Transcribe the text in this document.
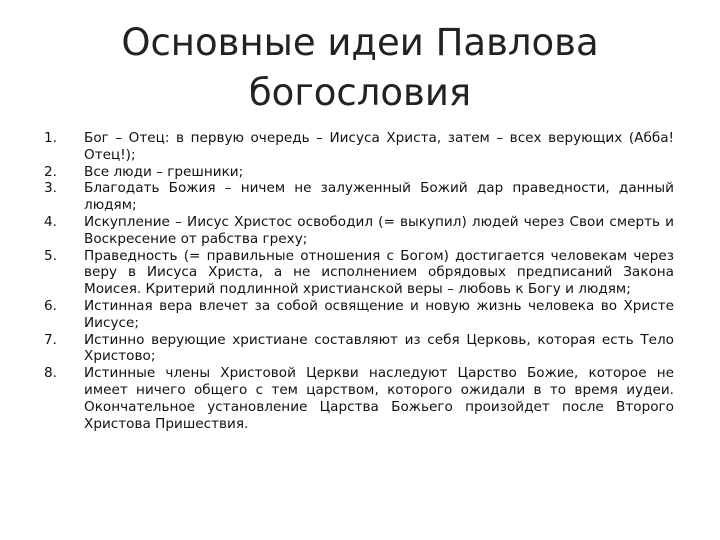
Основные идеи Павлова
богословия
1.	Бог – Отец: в первую очередь – Иисуса Христа, затем – всех верующих (Абба! Отец!);
2.	Все люди – грешники;
3.	Благодать Божия – ничем не залуженный Божий дар праведности, данный людям;
4.	Искупление – Иисус Христос освободил (= выкупил) людей через Свои смерть и Воскресение от рабства греху;
5.	Праведность (= правильные отношения с Богом) достигается человекам через веру в Иисуса Христа, а не исполнением обрядовых предписаний Закона Моисея. Критерий подлинной христианской веры – любовь к Богу и людям;
6.	Истинная вера влечет за собой освящение и новую жизнь человека во Христе Иисусе;
7.	Истинно верующие христиане составляют из себя Церковь, которая есть Тело Христово;
8.	Истинные члены Христовой Церкви наследуют Царство Божие, которое не имеет ничего общего с тем царством, которого ожидали в то время иудеи. Окончательное установление Царства Божьего произойдет после Второго Христова Пришествия.
